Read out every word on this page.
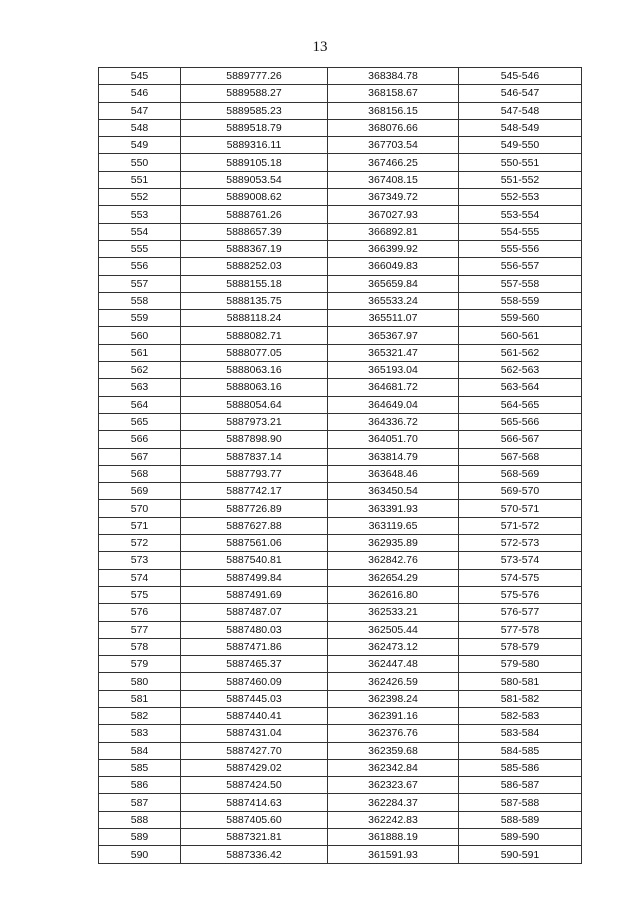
13
545	5889777.26	368384.78	545-546
546	5889588.27	368158.67	546-547
547	5889585.23	368156.15	547-548
548	5889518.79	368076.66	548-549
549	5889316.11	367703.54	549-550
550	5889105.18	367466.25	550-551
551	5889053.54	367408.15	551-552
552	5889008.62	367349.72	552-553
553	5888761.26	367027.93	553-554
554	5888657.39	366892.81	554-555
555	5888367.19	366399.92	555-556
556	5888252.03	366049.83	556-557
557	5888155.18	365659.84	557-558
558	5888135.75	365533.24	558-559
559	5888118.24	365511.07	559-560
560	5888082.71	365367.97	560-561
561	5888077.05	365321.47	561-562
562	5888063.16	365193.04	562-563
563	5888063.16	364681.72	563-564
564	5888054.64	364649.04	564-565
565	5887973.21	364336.72	565-566
566	5887898.90	364051.70	566-567
567	5887837.14	363814.79	567-568
568	5887793.77	363648.46	568-569
569	5887742.17	363450.54	569-570
570	5887726.89	363391.93	570-571
571	5887627.88	363119.65	571-572
572	5887561.06	362935.89	572-573
573	5887540.81	362842.76	573-574
574	5887499.84	362654.29	574-575
575	5887491.69	362616.80	575-576
576	5887487.07	362533.21	576-577
577	5887480.03	362505.44	577-578
578	5887471.86	362473.12	578-579
579	5887465.37	362447.48	579-580
580	5887460.09	362426.59	580-581
581	5887445.03	362398.24	581-582
582	5887440.41	362391.16	582-583
583	5887431.04	362376.76	583-584
584	5887427.70	362359.68	584-585
585	5887429.02	362342.84	585-586
586	5887424.50	362323.67	586-587
587	5887414.63	362284.37	587-588
588	5887405.60	362242.83	588-589
589	5887321.81	361888.19	589-590
590	5887336.42	361591.93	590-591
